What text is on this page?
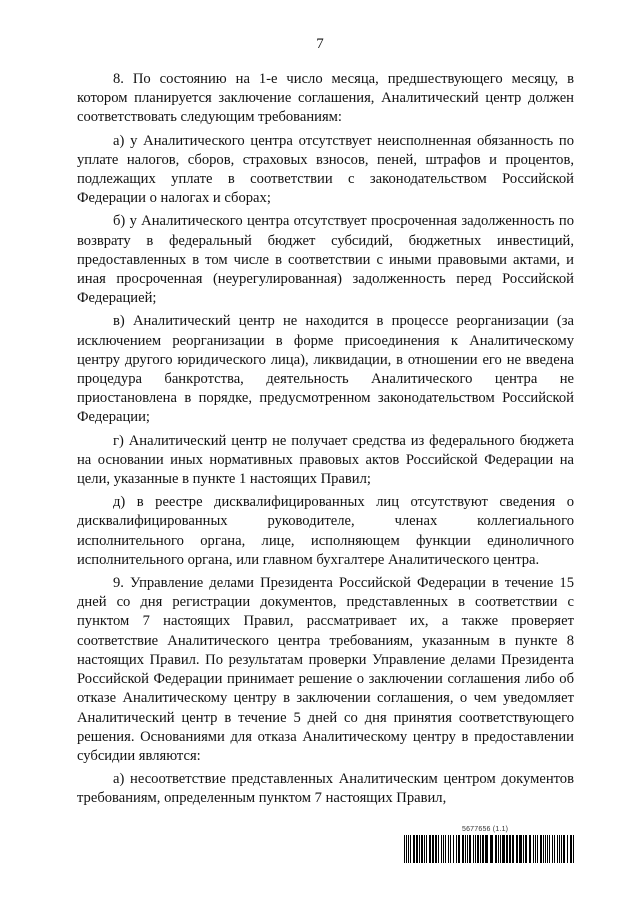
7

8. По состоянию на 1-е число месяца, предшествующего месяцу, в котором планируется заключение соглашения, Аналитический центр должен соответствовать следующим требованиям:

а) у Аналитического центра отсутствует неисполненная обязанность по уплате налогов, сборов, страховых взносов, пеней, штрафов и процентов, подлежащих уплате в соответствии с законодательством Российской Федерации о налогах и сборах;

б) у Аналитического центра отсутствует просроченная задолженность по возврату в федеральный бюджет субсидий, бюджетных инвестиций, предоставленных в том числе в соответствии с иными правовыми актами, и иная просроченная (неурегулированная) задолженность перед Российской Федерацией;

в) Аналитический центр не находится в процессе реорганизации (за исключением реорганизации в форме присоединения к Аналитическому центру другого юридического лица), ликвидации, в отношении его не введена процедура банкротства, деятельность Аналитического центра не приостановлена в порядке, предусмотренном законодательством Российской Федерации;

г) Аналитический центр не получает средства из федерального бюджета на основании иных нормативных правовых актов Российской Федерации на цели, указанные в пункте 1 настоящих Правил;

д) в реестре дисквалифицированных лиц отсутствуют сведения о дисквалифицированных руководителе, членах коллегиального исполнительного органа, лице, исполняющем функции единоличного исполнительного органа, или главном бухгалтере Аналитического центра.

9. Управление делами Президента Российской Федерации в течение 15 дней со дня регистрации документов, представленных в соответствии с пунктом 7 настоящих Правил, рассматривает их, а также проверяет соответствие Аналитического центра требованиям, указанным в пункте 8 настоящих Правил. По результатам проверки Управление делами Президента Российской Федерации принимает решение о заключении соглашения либо об отказе Аналитическому центру в заключении соглашения, о чем уведомляет Аналитический центр в течение 5 дней со дня принятия соответствующего решения. Основаниями для отказа Аналитическому центру в предоставлении субсидии являются:

а) несоответствие представленных Аналитическим центром документов требованиям, определенным пунктом 7 настоящих Правил,

5677656 (1.1)
